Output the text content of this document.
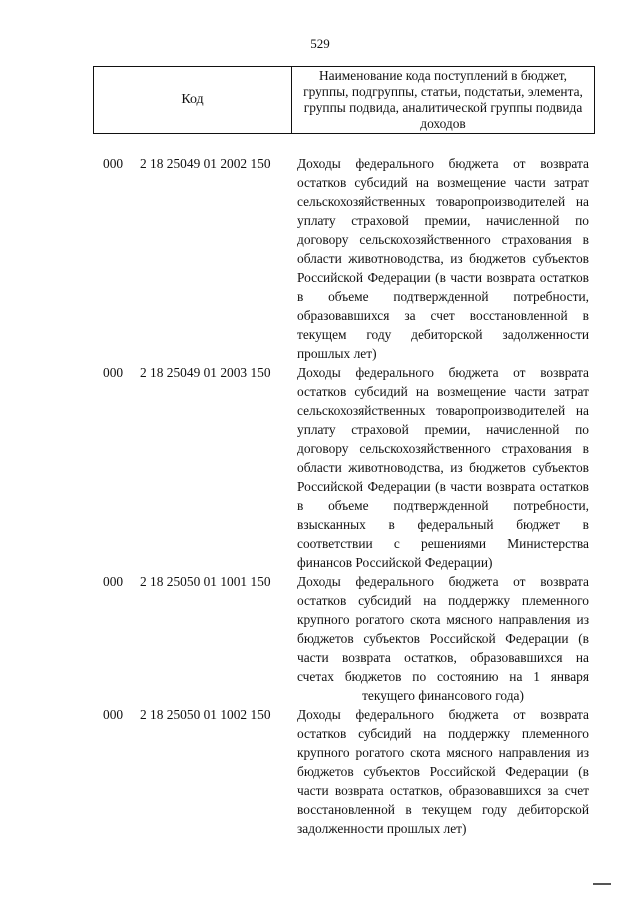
529
Код
Наименование кода поступлений в бюджет, группы, подгруппы, статьи, подстатьи, элемента, группы подвида, аналитической группы подвида доходов
000 2 18 25049 01 2002 150 Доходы федерального бюджета от возврата остатков субсидий на возмещение части затрат сельскохозяйственных товаропроизводителей на уплату страховой премии, начисленной по договору сельскохозяйственного страхования в области животноводства, из бюджетов субъектов Российской Федерации (в части возврата остатков в объеме подтвержденной потребности, образовавшихся за счет восстановленной в текущем году дебиторской задолженности прошлых лет)
000 2 18 25049 01 2003 150 Доходы федерального бюджета от возврата остатков субсидий на возмещение части затрат сельскохозяйственных товаропроизводителей на уплату страховой премии, начисленной по договору сельскохозяйственного страхования в области животноводства, из бюджетов субъектов Российской Федерации (в части возврата остатков в объеме подтвержденной потребности, взысканных в федеральный бюджет в соответствии с решениями Министерства финансов Российской Федерации)
000 2 18 25050 01 1001 150 Доходы федерального бюджета от возврата остатков субсидий на поддержку племенного крупного рогатого скота мясного направления из бюджетов субъектов Российской Федерации (в части возврата остатков, образовавшихся на счетах бюджетов по состоянию на 1 января текущего финансового года)
000 2 18 25050 01 1002 150 Доходы федерального бюджета от возврата остатков субсидий на поддержку племенного крупного рогатого скота мясного направления из бюджетов субъектов Российской Федерации (в части возврата остатков, образовавшихся за счет восстановленной в текущем году дебиторской задолженности прошлых лет)
